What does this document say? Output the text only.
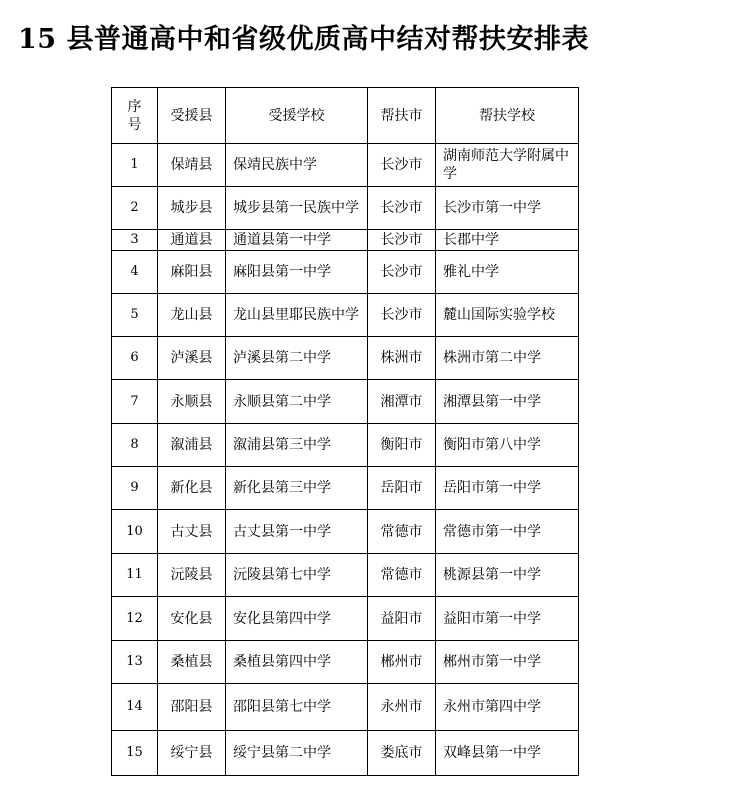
15 县普通高中和省级优质高中结对帮扶安排表
序号	受援县	受援学校	帮扶市	帮扶学校
1	保靖县	保靖民族中学	长沙市	湖南师范大学附属中学
2	城步县	城步县第一民族中学	长沙市	长沙市第一中学
3	通道县	通道县第一中学	长沙市	长郡中学
4	麻阳县	麻阳县第一中学	长沙市	雅礼中学
5	龙山县	龙山县里耶民族中学	长沙市	麓山国际实验学校
6	泸溪县	泸溪县第二中学	株洲市	株洲市第二中学
7	永顺县	永顺县第二中学	湘潭市	湘潭县第一中学
8	溆浦县	溆浦县第三中学	衡阳市	衡阳市第八中学
9	新化县	新化县第三中学	岳阳市	岳阳市第一中学
10	古丈县	古丈县第一中学	常德市	常德市第一中学
11	沅陵县	沅陵县第七中学	常德市	桃源县第一中学
12	安化县	安化县第四中学	益阳市	益阳市第一中学
13	桑植县	桑植县第四中学	郴州市	郴州市第一中学
14	邵阳县	邵阳县第七中学	永州市	永州市第四中学
15	绥宁县	绥宁县第二中学	娄底市	双峰县第一中学
